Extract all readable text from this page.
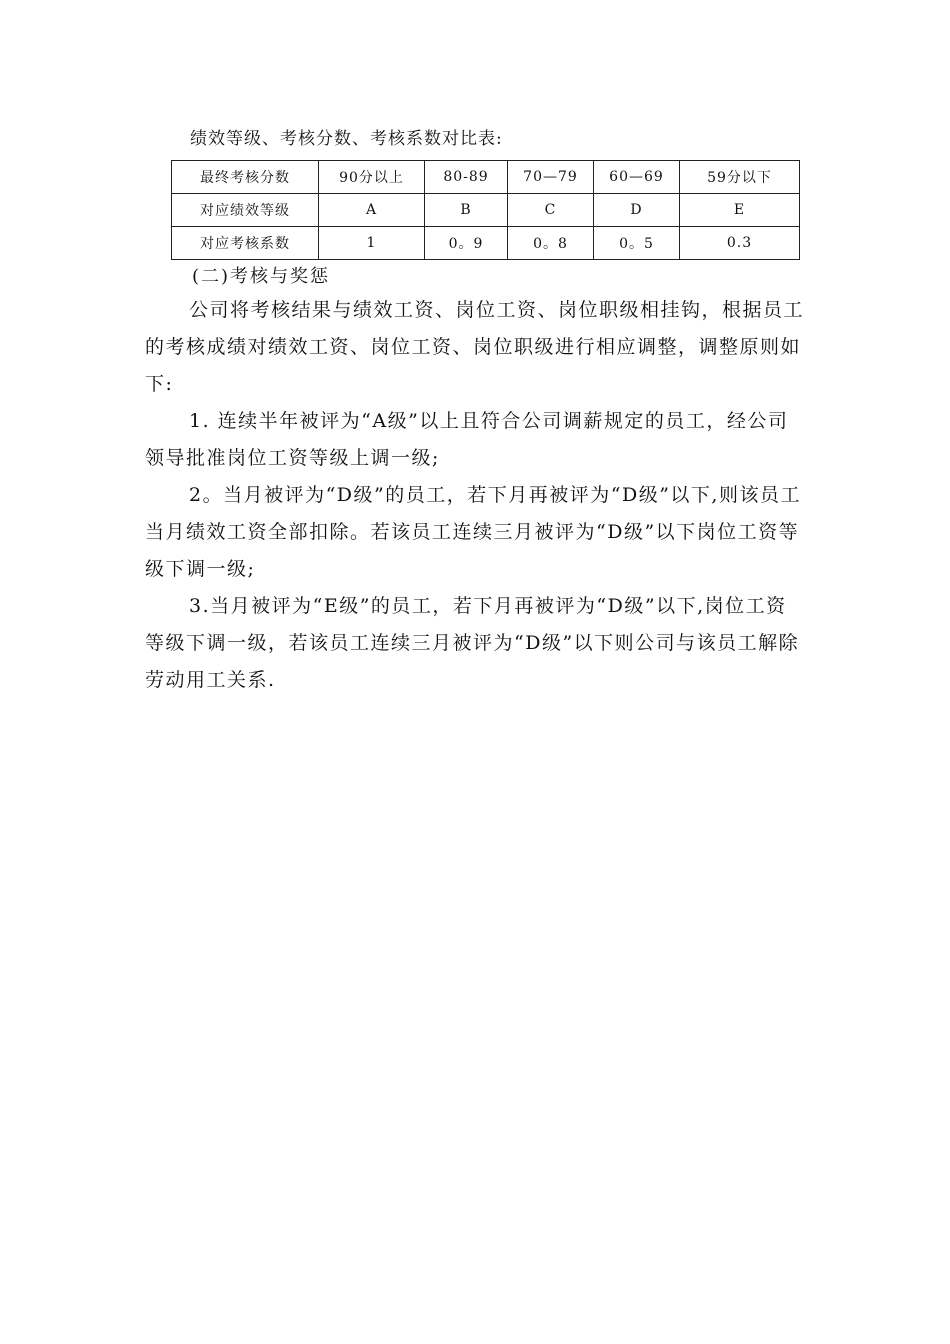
绩效等级、考核分数、考核系数对比表:
最终考核分数	90分以上	80-89	70—79	60—69	59分以下
对应绩效等级	A	B	C	D	E
对应考核系数	1	0。9	0。8	0。5	0.3
(二)考核与奖惩

公司将考核结果与绩效工资、岗位工资、岗位职级相挂钩，根据员工的考核成绩对绩效工资、岗位工资、岗位职级进行相应调整，调整原则如下:

1. 连续半年被评为“A级”以上且符合公司调薪规定的员工，经公司领导批准岗位工资等级上调一级;

2。当月被评为“D级”的员工，若下月再被评为“D级”以下,则该员工当月绩效工资全部扣除。若该员工连续三月被评为“D级”以下岗位工资等级下调一级;

3.当月被评为“E级”的员工，若下月再被评为“D级”以下,岗位工资等级下调一级，若该员工连续三月被评为“D级”以下则公司与该员工解除劳动用工关系.
